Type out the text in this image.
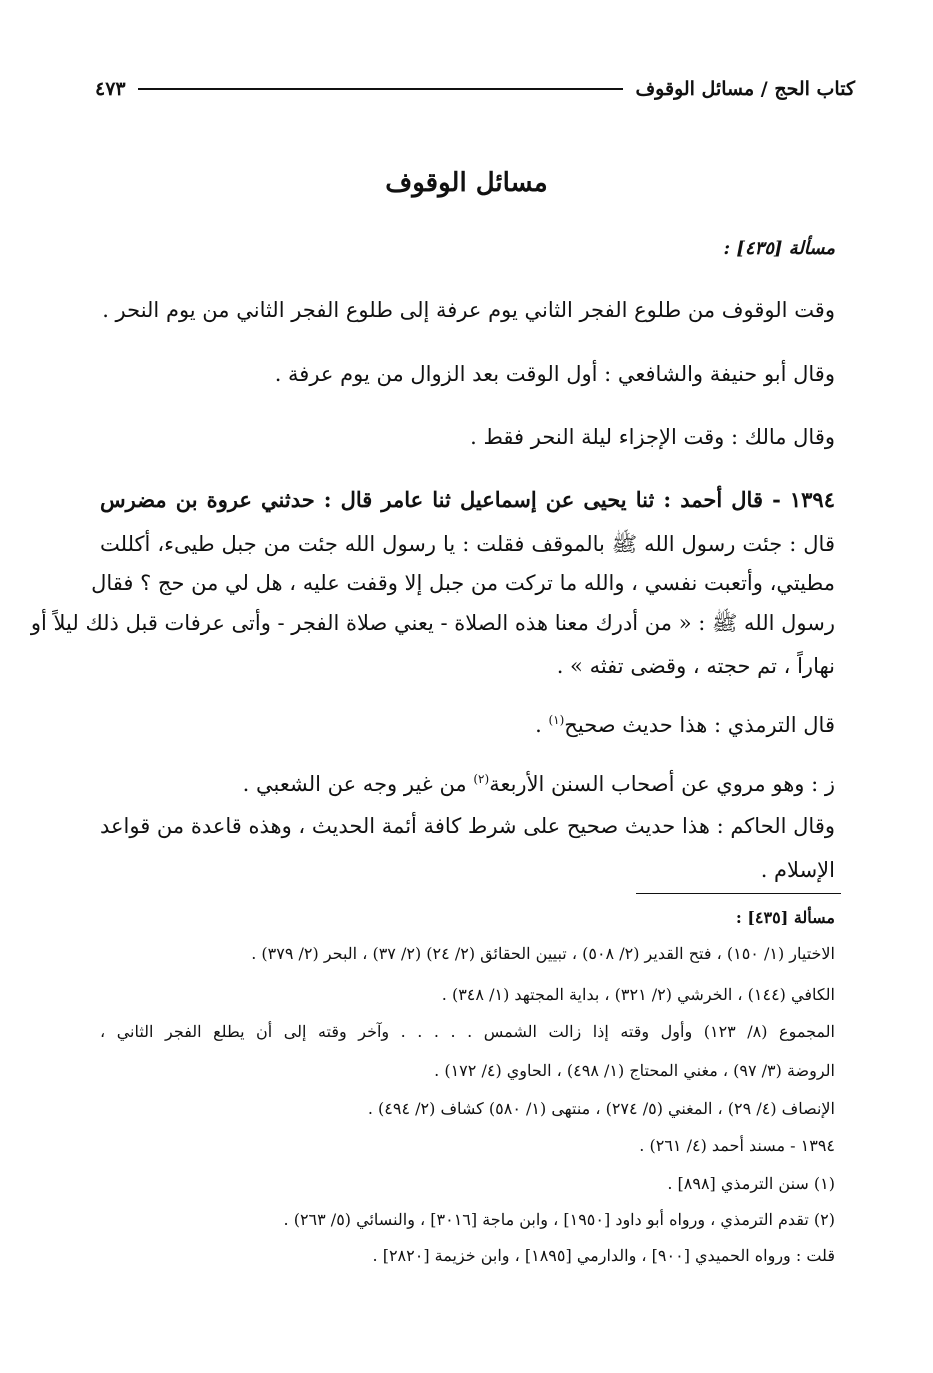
كتاب الحج / مسائل الوقوف
٤٧٣
مسائل الوقوف
مسألة [٤٣٥] :
وقت الوقوف من طلوع الفجر الثاني يوم عرفة إلى طلوع الفجر الثاني من يوم النحر .
وقال أبو حنيفة والشافعي : أول الوقت بعد الزوال من يوم عرفة .
وقال مالك : وقت الإجزاء ليلة النحر فقط .
١٣٩٤ - قال أحمد : ثنا يحيى عن إسماعيل ثنا عامر قال : حدثني عروة بن مضرس
قال : جئت رسول الله ﷺ بالموقف فقلت : يا رسول الله جئت من جبل طيىء، أكللت
مطيتي، وأتعبت نفسي ، والله ما تركت من جبل إلا وقفت عليه ، هل لي من حج ؟ فقال
رسول الله ﷺ : « من أدرك معنا هذه الصلاة - يعني صلاة الفجر - وأتى عرفات قبل ذلك ليلاً أو
نهاراً ، تم حجته ، وقضى تفثه » .
قال الترمذي : هذا حديث صحيح$^{(١)}$ .
ز : وهو مروي عن أصحاب السنن الأربعة$^{(٢)}$ من غير وجه عن الشعبي .
وقال الحاكم : هذا حديث صحيح على شرط كافة أئمة الحديث ، وهذه قاعدة من قواعد
الإسلام .
مسألة [٤٣٥] :
الاختيار (١/ ١٥٠) ، فتح القدير (٢/ ٥٠٨) ، تبيين الحقائق (٢/ ٢٤) (٢/ ٣٧) ، البحر (٢/ ٣٧٩) .
الكافي (١٤٤) ، الخرشي (٢/ ٣٢١) ، بداية المجتهد (١/ ٣٤٨) .
المجموع (٨/ ١٢٣) وأول وقته إذا زالت الشمس . . . . . وآخر وقته إلى أن يطلع الفجر الثاني ،
الروضة (٣/ ٩٧) ، مغني المحتاج (١/ ٤٩٨) ، الحاوي (٤/ ١٧٢) .
الإنصاف (٤/ ٢٩) ، المغني (٥/ ٢٧٤) ، منتهى (١/ ٥٨٠) كشاف (٢/ ٤٩٤) .
١٣٩٤ - مسند أحمد (٤/ ٢٦١) .
(١) سنن الترمذي [٨٩٨] .
(٢) تقدم الترمذي ، ورواه أبو داود [١٩٥٠] ، وابن ماجة [٣٠١٦] ، والنسائي (٥/ ٢٦٣) .
قلت : ورواه الحميدي [٩٠٠] ، والدارمي [١٨٩٥] ، وابن خزيمة [٢٨٢٠] .
